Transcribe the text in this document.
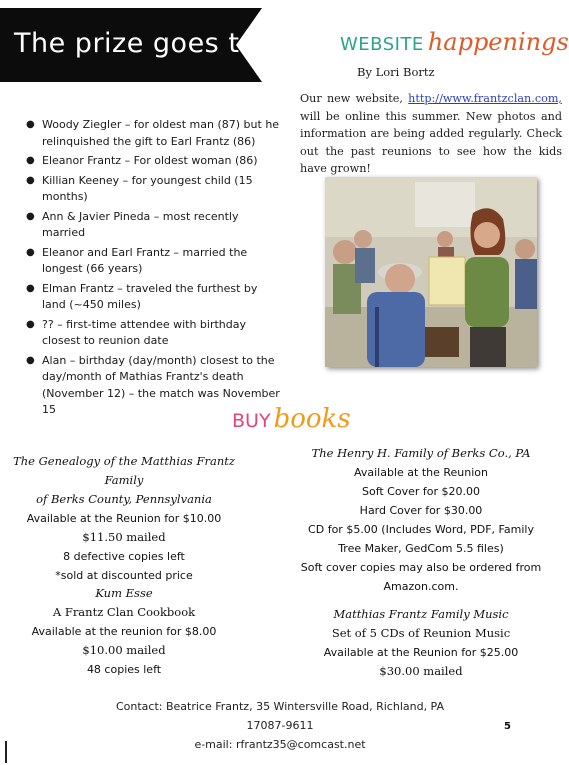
The prize goes to:
● Woody Ziegler – for oldest man (87) but he relinquished the gift to Earl Frantz (86)
● Eleanor Frantz – For oldest woman (86)
● Killian Keeney – for youngest child (15 months)
● Ann & Javier Pineda – most recently married
● Eleanor and Earl Frantz – married the longest (66 years)
● Elman Frantz – traveled the furthest by land (~450 miles)
● ?? – first-time attendee with birthday closest to reunion date
● Alan – birthday (day/month) closest to the day/month of Mathias Frantz's death (November 12) – the match was November 15
WEBSITE happenings
By Lori Bortz
Our new website, http://www.frantzclan.com, will be online this summer. New photos and information are being added regularly. Check out the past reunions to see how the kids have grown!
BUY books
The Genealogy of the Matthias Frantz Family
of Berks County, Pennsylvania
Available at the Reunion for $10.00
$11.50 mailed
8 defective copies left
*sold at discounted price
Kum Esse
A Frantz Clan Cookbook
Available at the reunion for $8.00
$10.00 mailed
48 copies left
The Henry H. Family of Berks Co., PA
Available at the Reunion
Soft Cover for $20.00
Hard Cover for $30.00
CD for $5.00 (Includes Word, PDF, Family
Tree Maker, GedCom 5.5 files)
Soft cover copies may also be ordered from
Amazon.com.
Matthias Frantz Family Music
Set of 5 CDs of Reunion Music
Available at the Reunion for $25.00
$30.00 mailed
Contact: Beatrice Frantz, 35 Wintersville Road, Richland, PA
17087-9611
e-mail: rfrantz35@comcast.net
5
